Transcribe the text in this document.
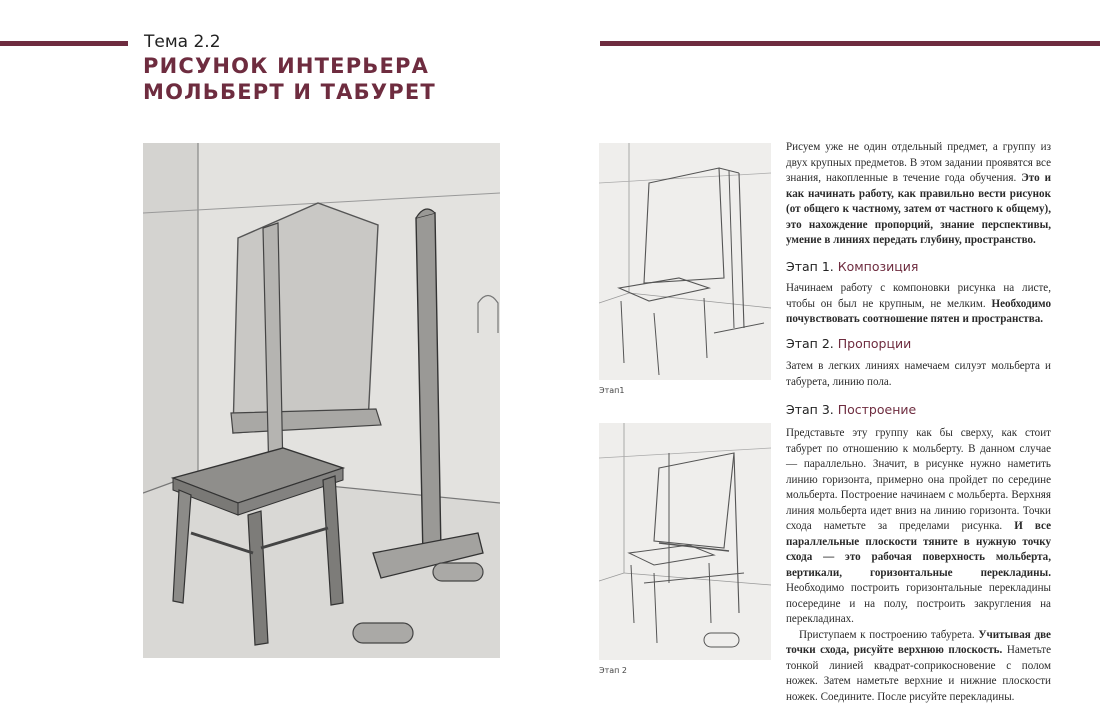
Тема 2.2
РИСУНОК ИНТЕРЬЕРА
МОЛЬБЕРТ И ТАБУРЕТ
Этап1
Этап 2

Рисуем уже не один отдельный предмет, а группу из двух крупных предметов. В этом задании проявятся все знания, накопленные в течение года обучения. Это и как начинать работу, как правильно вести рисунок (от общего к частному, затем от частного к общему), это нахождение пропорций, знание перспективы, умение в линиях передать глубину, пространство.

Этап 1. Композиция

Начинаем работу с компоновки рисунка на листе, чтобы он был не крупным, не мелким. Необходимо почувствовать соотношение пятен и пространства.

Этап 2. Пропорции

Затем в легких линиях намечаем силуэт мольберта и табурета, линию пола.

Этап 3. Построение

Представьте эту группу как бы сверху, как стоит табурет по отношению к мольберту. В данном случае — параллельно. Значит, в рисунке нужно наметить линию горизонта, примерно она пройдет по середине мольберта. Построение начинаем с мольберта. Верхняя линия мольберта идет вниз на линию горизонта. Точки схода наметьте за пределами рисунка. И все параллельные плоскости тяните в нужную точку схода — это рабочая поверхность мольберта, вертикали, горизонтальные перекладины. Необходимо построить горизонтальные перекладины посередине и на полу, построить закругления на перекладинах.

Приступаем к построению табурета. Учитывая две точки схода, рисуйте верхнюю плоскость. Наметьте тонкой линией квадрат-соприкосновение с полом ножек. Затем наметьте верхние и нижние плоскости ножек. Соедините. После рисуйте перекладины.
